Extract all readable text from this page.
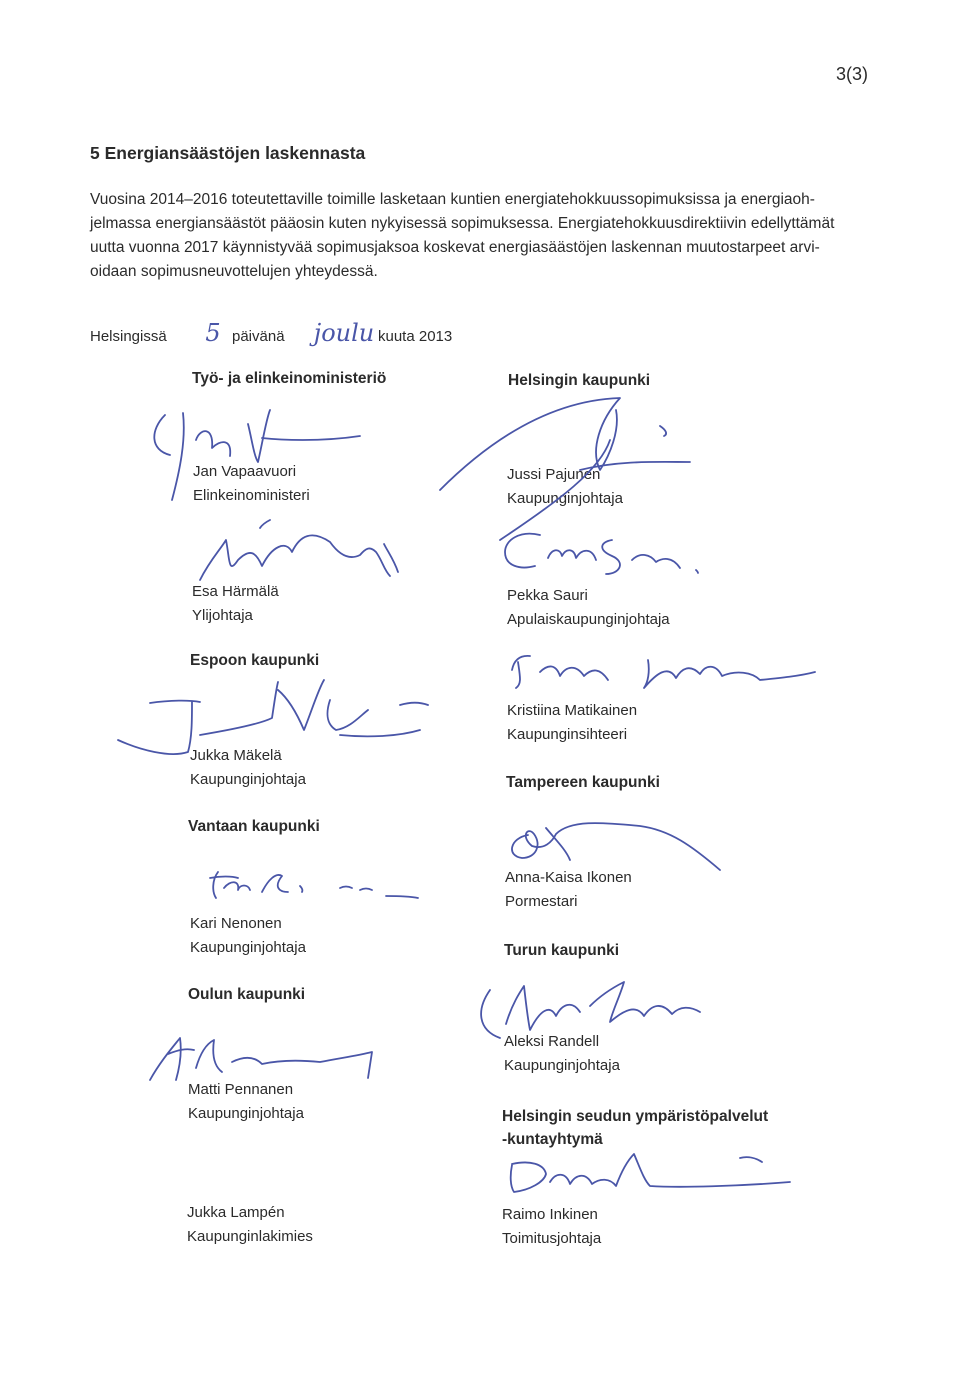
3(3)
5 Energiansäästöjen laskennasta

Vuosina 2014–2016 toteutettaville toimille lasketaan kuntien energiatehokkuussopimuksissa ja energiaoh-

jelmassa energiansäästöt pääosin kuten nykyisessä sopimuksessa. Energiatehokkuusdirektiivin edellyttämät

uutta vuonna 2017 käynnistyvää sopimusjaksoa koskevat energiasäästöjen laskennan muutostarpeet arvi-

oidaan sopimusneuvottelujen yhteydessä.

Helsingissä	5 päivänä	joulu kuuta 2013
Työ- ja elinkeinoministeriö	Helsingin kaupunki
Espoon kaupunki
Tampereen kaupunki
Vantaan kaupunki
Turun kaupunki
Oulun kaupunki
Helsingin seudun ympäristöpalvelut
-kuntayhtymä
Jan Vapaavuori
Elinkeinoministeri
Esa Härmälä
Ylijohtaja
Jussi Pajunen
Kaupunginjohtaja
Pekka Sauri
Apulaiskaupunginjohtaja
Jukka Mäkelä
Kaupunginjohtaja
Kristiina Matikainen
Kaupunginsihteeri
Kari Nenonen
Kaupunginjohtaja
Anna-Kaisa Ikonen
Pormestari
Matti Pennanen
Kaupunginjohtaja
Aleksi Randell
Kaupunginjohtaja
Jukka Lampén
Kaupunginlakimies
Raimo Inkinen
Toimitusjohtaja
